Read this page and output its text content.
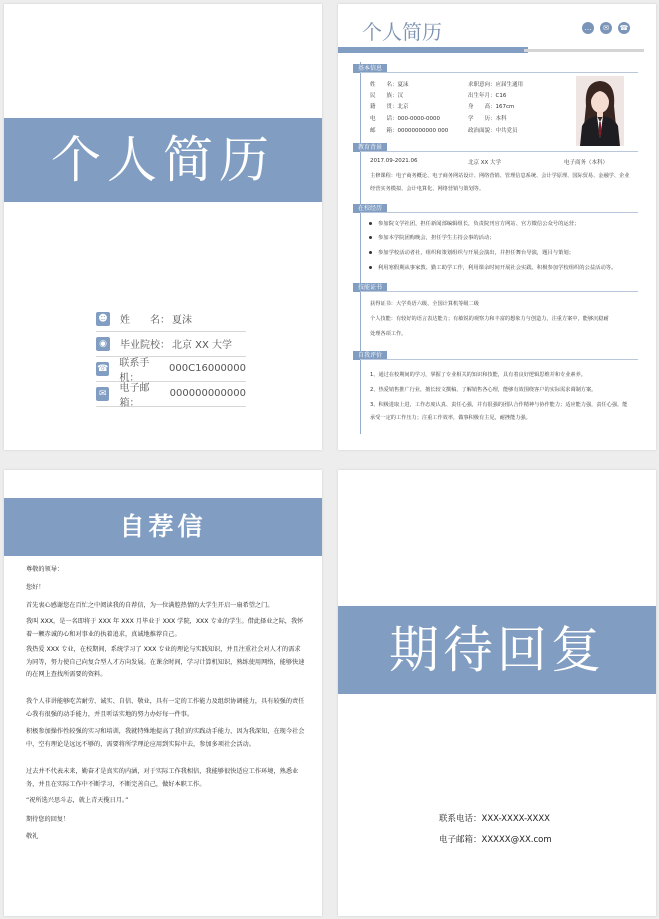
个人简历
☻ 姓　　名： 夏沫
◉	毕业院校： 北京 XX 大学
☎ 联系手机：
000C16000000
✉ 电子邮箱：
000000000000
个人简历	…	✉	☎
基本信息
姓　　名：夏沫
民　　族：汉
籍　　贯：北京
电　　话：000-0000-0000
邮　　箱：00000000000 000
求职意向：应届生通用
出生年月：C16
身　　高：167cm
学　　历：本科
政治面貌：中共党员
教育背景
2017.09-2021.06	北京 XX 大学	电子商务（本科）
主修课程：电子商务概论、电子商务网站设计、网络营销、管理信息系统、会计学原理、国际贸易、金融学、企业
经营实务模拟、会计电算化、网络营销与策划等。
在校经历
参加院文学社团，担任新闻部编辑组长，负责院刊官方网站、官方微信公众号的运营；
参加本学院团购晚会，担任学生主持会事的活动；
参加学校活动者社，组织和策划组织与开展会演出，并担任舞台导演，题目与策划；
利用寒假期从事家教、勤工助学工作，利用课余时间开展社会实践、积极参加学校组织的公益活动等。
技能证书
获得证书：大学英语六级、全国计算机等级二级
个人技能：有较好的语言表达能力；有敏锐的观察力和丰富的想象力与创造力，注重方案中，能够沉稳耐
处理各项工作。
自我评价
1、通过在校期间的学习，掌握了专业相关的知识和技能，具有着良好逻辑思维并和专业素养。
2、热爱销售推广行业，擅长较文撰稿，了解销售各心理，能够有效围绕客户的实际需求调制方案。
3、积极进取上进，工作态度认真、责任心强，并有很强的团队合作精神与协作能力；适应能力强，责任心强，能
承受一定的工作压力；注重工作效率，做事积极有主见，耐挫能力强。
自荐信
尊敬的领导：
您好！
首先衷心感谢您在百忙之中阅读我的自荐信，为一位满腔热情的大学生开启一扇希望之门。
我叫 XXX，是一名即将于 XXX 年 XXX 月毕业于 XXX 学院，XXX 专业的学生。借此择业之际，我怀着一颗赤诚的心和对事业的执着追求，真诚地推荐自己。
我热爱 XXX 专业，在校期间，系统学习了 XXX 专业的理论与实践知识，并且注重社会对人才的需求为同等，努力使自己向复合型人才方向发展。在课余时间，学习计算机知识，熟练使用网络，能够快速的在网上查找所需要的资料。
我个人非讲能够吃苦耐劳、诚实、自信、敬业，具有一定的工作能力及组织协调能力，具有较强的责任心我有很强的动手能力，并且听话实地的努力办好每一件事。
积极参加操作性较强的实习和培训，我就特殊地提高了我们的实践动手能力，因为我深知，在现今社会中，空有理论是远远不够的，需要将所学理论应用到实际中去，参加多项社会活动。
过去并不代表未来，勤奋才是真实的内涵，对于实际工作我相信，我能够很快适应工作环境，熟悉业务，并且在实际工作中不断学习，不断完善自己，做好本职工作。
“祝所选兴思斗志，就上青天揽日月。”
期待您的回复！
敬礼
期待回复
联系电话：XXX-XXXX-XXXX
电子邮箱：XXXXX@XX.com
